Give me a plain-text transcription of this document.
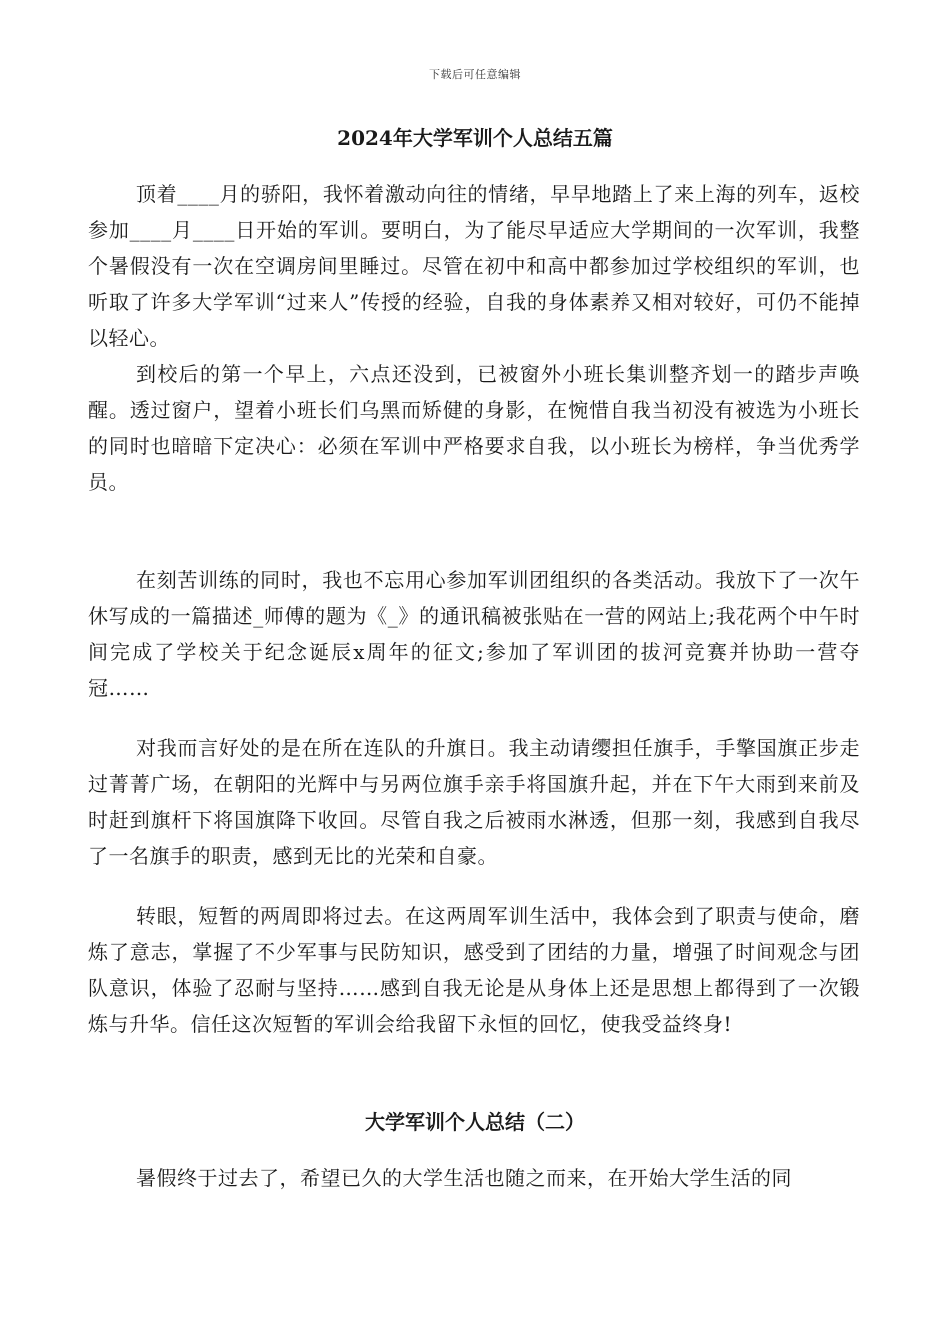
下载后可任意编辑
2024年大学军训个人总结五篇

顶着____月的骄阳，我怀着激动向往的情绪，早早地踏上了来上海的列车，返校参加____月____日开始的军训。要明白，为了能尽早适应大学期间的一次军训，我整个暑假没有一次在空调房间里睡过。尽管在初中和高中都参加过学校组织的军训，也听取了许多大学军训“过来人”传授的经验，自我的身体素养又相对较好，可仍不能掉以轻心。

到校后的第一个早上，六点还没到，已被窗外小班长集训整齐划一的踏步声唤醒。透过窗户，望着小班长们乌黑而矫健的身影，在惋惜自我当初没有被选为小班长的同时也暗暗下定决心：必须在军训中严格要求自我，以小班长为榜样，争当优秀学员。

在刻苦训练的同时，我也不忘用心参加军训团组织的各类活动。我放下了一次午休写成的一篇描述_师傅的题为《_》的通讯稿被张贴在一营的网站上;我花两个中午时间完成了学校关于纪念诞辰x周年的征文;参加了军训团的拔河竞赛并协助一营夺冠……

对我而言好处的是在所在连队的升旗日。我主动请缨担任旗手，手擎国旗正步走过菁菁广场，在朝阳的光辉中与另两位旗手亲手将国旗升起，并在下午大雨到来前及时赶到旗杆下将国旗降下收回。尽管自我之后被雨水淋透，但那一刻，我感到自我尽了一名旗手的职责，感到无比的光荣和自豪。

转眼，短暂的两周即将过去。在这两周军训生活中，我体会到了职责与使命，磨炼了意志，掌握了不少军事与民防知识，感受到了团结的力量，增强了时间观念与团队意识，体验了忍耐与坚持……感到自我无论是从身体上还是思想上都得到了一次锻炼与升华。信任这次短暂的军训会给我留下永恒的回忆，使我受益终身!

大学军训个人总结（二）

暑假终于过去了，希望已久的大学生活也随之而来，在开始大学生活的同
